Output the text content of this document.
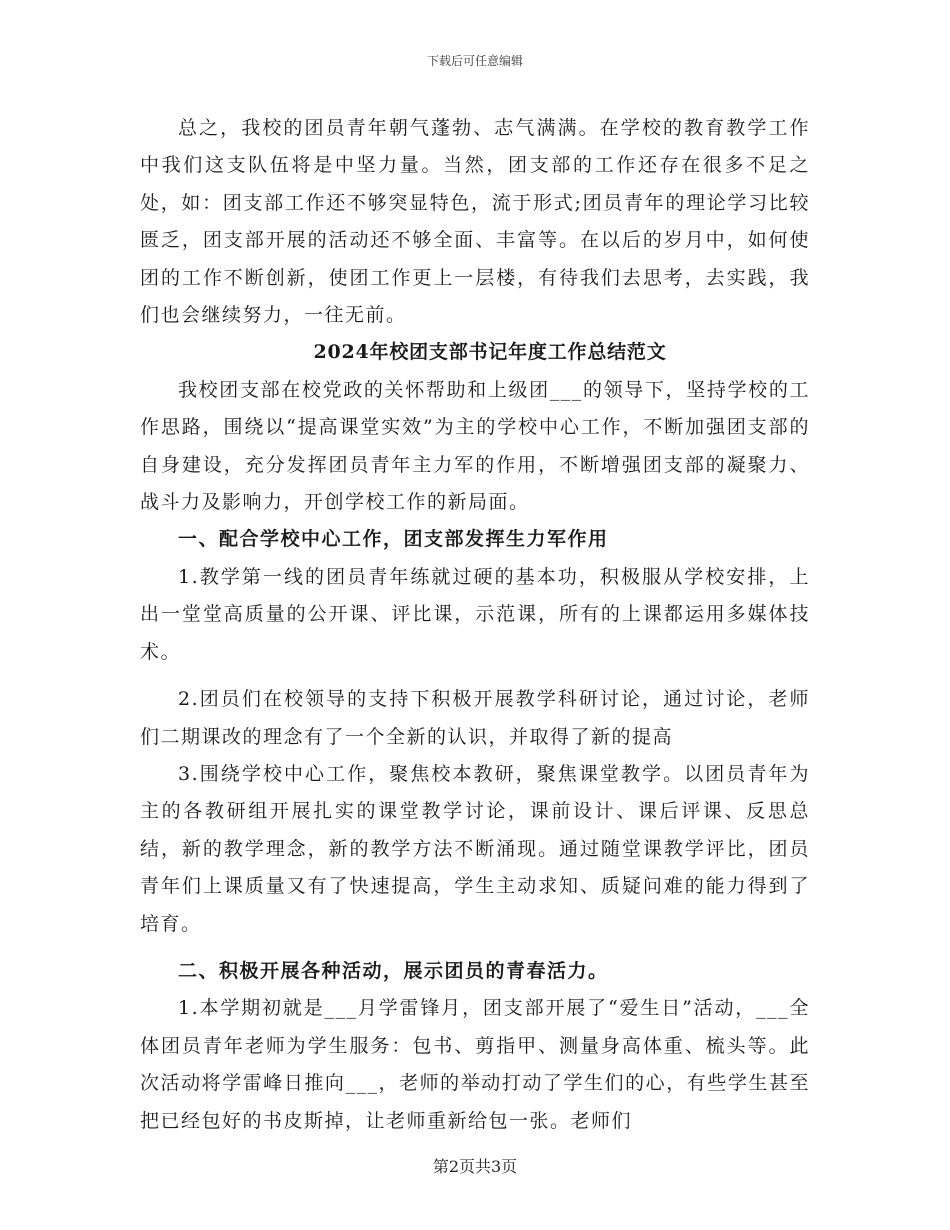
下载后可任意编辑

总之，我校的团员青年朝气蓬勃、志气满满。在学校的教育教学工作中我们这支队伍将是中坚力量。当然，团支部的工作还存在很多不足之处，如：团支部工作还不够突显特色，流于形式;团员青年的理论学习比较匮乏，团支部开展的活动还不够全面、丰富等。在以后的岁月中，如何使团的工作不断创新，使团工作更上一层楼，有待我们去思考，去实践，我们也会继续努力，一往无前。

2024年校团支部书记年度工作总结范文

我校团支部在校党政的关怀帮助和上级团___的领导下，坚持学校的工作思路，围绕以“提高课堂实效”为主的学校中心工作，不断加强团支部的自身建设，充分发挥团员青年主力军的作用，不断增强团支部的凝聚力、战斗力及影响力，开创学校工作的新局面。

一、配合学校中心工作，团支部发挥生力军作用

1.教学第一线的团员青年练就过硬的基本功，积极服从学校安排，上出一堂堂高质量的公开课、评比课，示范课，所有的上课都运用多媒体技术。

2.团员们在校领导的支持下积极开展教学科研讨论，通过讨论，老师们二期课改的理念有了一个全新的认识，并取得了新的提高

3.围绕学校中心工作，聚焦校本教研，聚焦课堂教学。以团员青年为主的各教研组开展扎实的课堂教学讨论，课前设计、课后评课、反思总结，新的教学理念，新的教学方法不断涌现。通过随堂课教学评比，团员青年们上课质量又有了快速提高，学生主动求知、质疑问难的能力得到了培育。

二、积极开展各种活动，展示团员的青春活力。

1.本学期初就是___月学雷锋月，团支部开展了“爱生日”活动，___全体团员青年老师为学生服务：包书、剪指甲、测量身高体重、梳头等。此次活动将学雷峰日推向___，老师的举动打动了学生们的心，有些学生甚至把已经包好的书皮斯掉，让老师重新给包一张。老师们

第2页共3页
